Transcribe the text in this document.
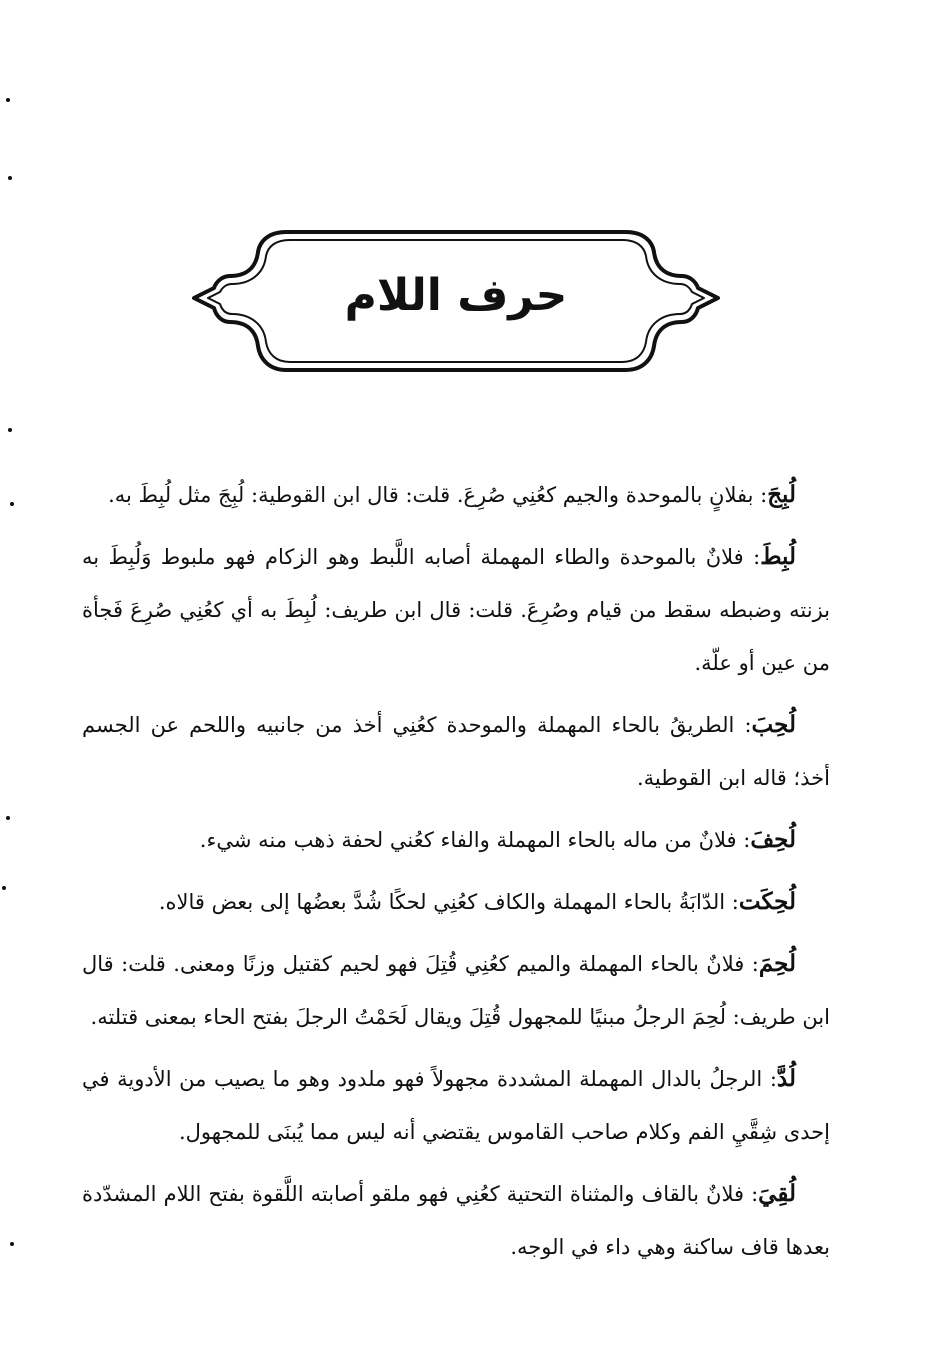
حرف اللام

لُبِجَ: بفلانٍ بالموحدة والجيم كعُنِي صُرِعَ. قلت: قال ابن القوطية: لُبِجَ مثل لُبِطَ به.

لُبِطَ: فلانٌ بالموحدة والطاء المهملة أصابه اللَّبط وهو الزكام فهو ملبوط وَلُبِطَ به بزنته وضبطه سقط من قيام وصُرِعَ. قلت: قال ابن طريف: لُبِطَ به أي كعُنِي صُرِعَ فَجأة من عين أو علّة.

لُحِبَ: الطريقُ بالحاء المهملة والموحدة كعُنِي أخذ من جانبيه واللحم عن الجسم أخذ؛ قاله ابن القوطية.

لُحِفَ: فلانٌ من ماله بالحاء المهملة والفاء كعُني لحفة ذهب منه شيء.

لُحِكَت: الدّابَةُ بالحاء المهملة والكاف كعُنِي لحكًا شُدَّ بعضُها إلى بعض قالاه.

لُحِمَ: فلانٌ بالحاء المهملة والميم كعُنِي قُتِلَ فهو لحيم كقتيل وزنًا ومعنى. قلت: قال ابن طريف: لُحِمَ الرجلُ مبنيًا للمجهول قُتِلَ ويقال لَحَمْتُ الرجلَ بفتح الحاء بمعنى قتلته.

لُدَّ: الرجلُ بالدال المهملة المشددة مجهولاً فهو ملدود وهو ما يصيب من الأدوية في إحدى شِقَّيِ الفم وكلام صاحب القاموس يقتضي أنه ليس مما يُبنَى للمجهول.

لُقِيَ: فلانٌ بالقاف والمثناة التحتية كعُنِي فهو ملقو أصابته اللَّقوة بفتح اللام المشدّدة بعدها قاف ساكنة وهي داء في الوجه.
